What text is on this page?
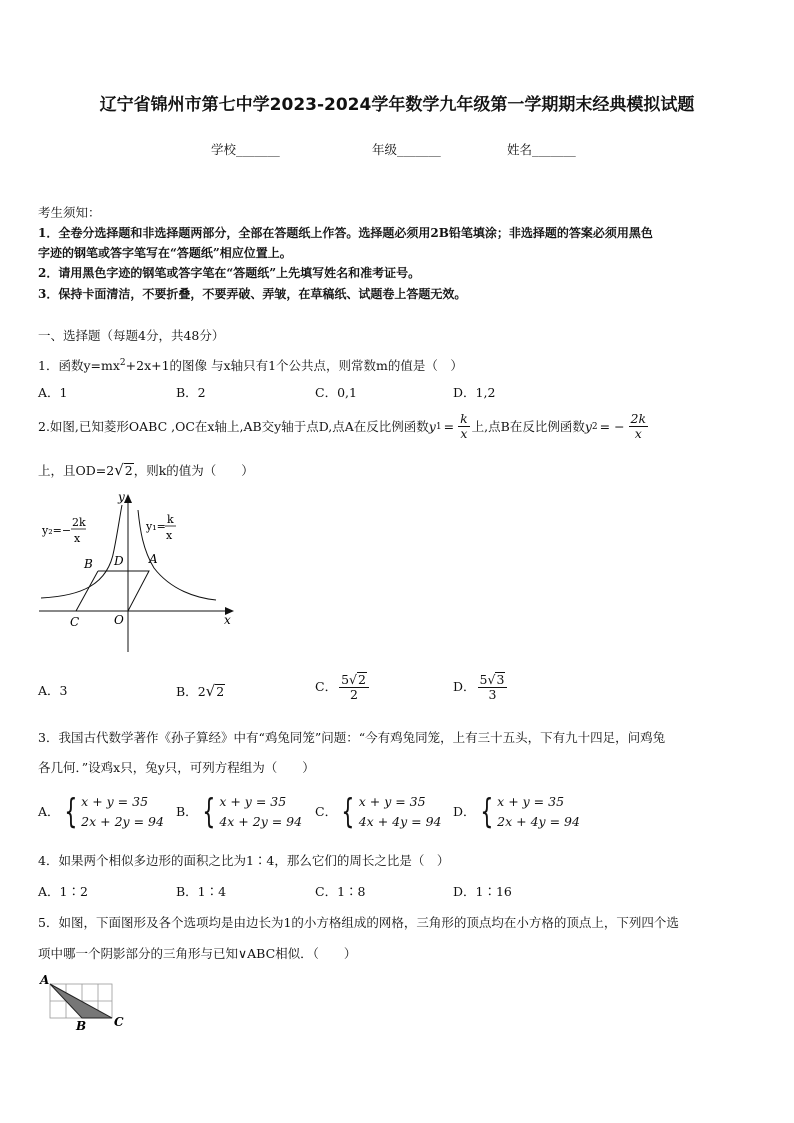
辽宁省锦州市第七中学2023-2024学年数学九年级第一学期期末经典模拟试题
学校_______	年级_______	姓名_______
考生须知：
1．全卷分选择题和非选择题两部分，全部在答题纸上作答。选择题必须用2B铅笔填涂；非选择题的答案必须用黑色
字迹的钢笔或答字笔写在“答题纸”相应位置上。
2．请用黑色字迹的钢笔或答字笔在“答题纸”上先填写姓名和准考证号。
3．保持卡面清洁，不要折叠，不要弄破、弄皱，在草稿纸、试题卷上答题无效。
一、选择题（每题4分，共48分）
1．函数$y=mx^2+2x+1$的图像 与x轴只有1个公共点，则常数m的值是（　）
A．1	B．2	C．0,1	D．1,2
2.如图,已知菱形OABC ,OC在x轴上,AB交y轴于点D,点A在反比例函数 y $1 = \frac{k}{x}$ 上,点B在反比例函数 y 2 = − $\frac{2k}{x}$
上，且OD=2√2，则k的值为（　　）
y₂=−
2k
x
y₁=
k
x
B D A
C	O	x
y
A．3	B．2√2	C． $\frac{5√2}{2}$	D． $\frac{5√3}{3}$
3．我国古代数学著作《孙子算经》中有“鸡兔同笼”问题：“今有鸡兔同笼，上有三十五头，下有九十四足，问鸡兔
各几何．”设鸡x只，兔y只，可列方程组为（　　）
A． { x + y = 35
2x + 2y = 94
B． { x + y = 35
4x + 2y = 94
C． { x + y = 35
4x + 4y = 94
D． { x + y = 35
2x + 4y = 94
4．如果两个相似多边形的面积之比为1∶4，那么它们的周长之比是（　）
A．1∶2	B．1∶4	C．1∶8	D．1∶16
5．如图，下面图形及各个选项均是由边长为1的小方格组成的网格，三角形的顶点均在小方格的顶点上，下列四个选
项中哪一个阴影部分的三角形与已知∨ABC相似．（　　）
A
B C
